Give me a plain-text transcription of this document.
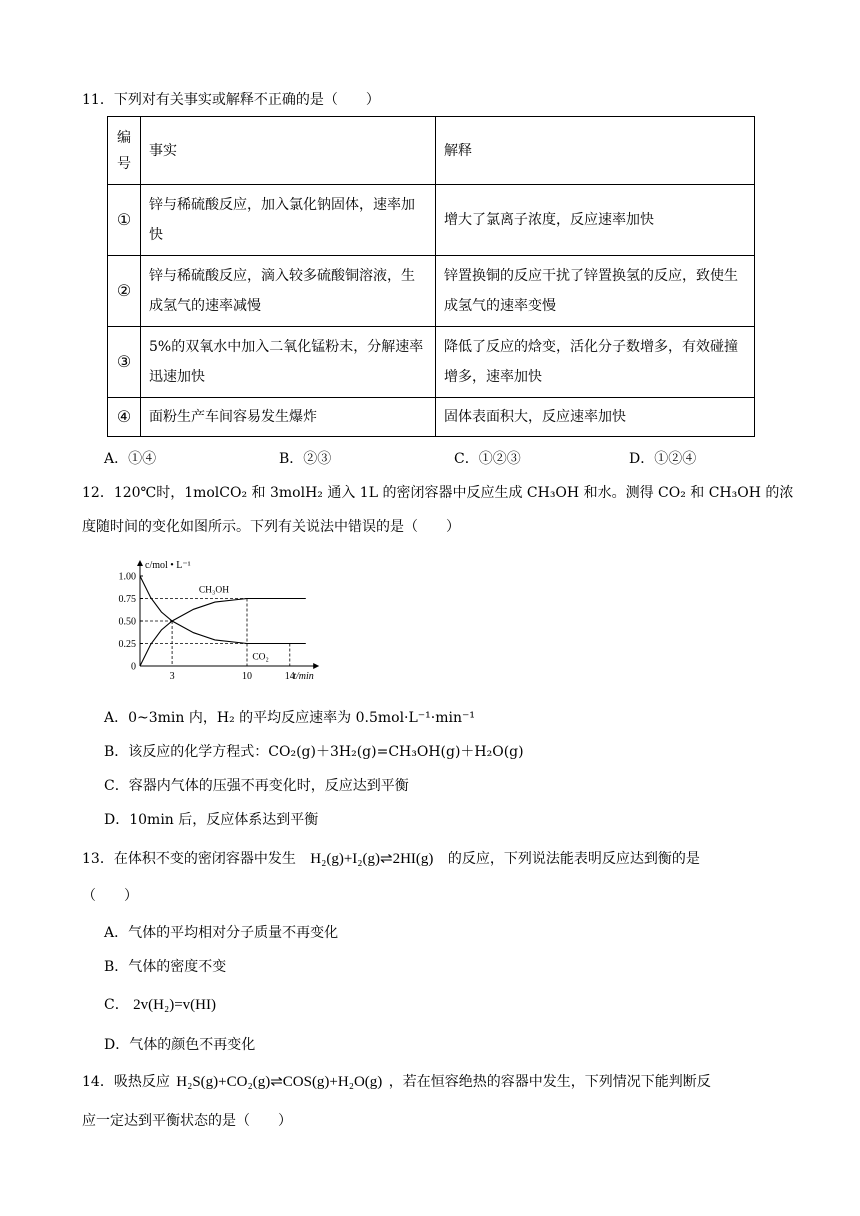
11．下列对有关事实或解释不正确的是（　　）
编
号	事实	解释
①	锌与稀硫酸反应，加入氯化钠固体，速率加快	增大了氯离子浓度，反应速率加快
②	锌与稀硫酸反应，滴入较多硫酸铜溶液，生成氢气的速率减慢	锌置换铜的反应干扰了锌置换氢的反应，致使生成氢气的速率变慢
③	5%的双氧水中加入二氧化锰粉末，分解速率迅速加快	降低了反应的焓变，活化分子数增多，有效碰撞增多，速率加快
④	面粉生产车间容易发生爆炸	固体表面积大，反应速率加快
A．①④	B．②③	C．①②③	D．①②④
12．120℃时，1molCO₂ 和 3molH₂ 通入 1L 的密闭容器中反应生成 CH₃OH 和水。测得 CO₂ 和 CH₃OH 的浓
度随时间的变化如图所示。下列有关说法中错误的是（　　）
1.00
0.75
0.50
0.25
0
3	10	14
CH₃OH
CO₂
c/mol • L⁻¹
t/min
A．0~3min 内，H₂ 的平均反应速率为 0.5mol·L⁻¹·min⁻¹
B．该反应的化学方程式：CO₂(g)＋3H₂(g)=CH₃OH(g)＋H₂O(g)
C．容器内气体的压强不再变化时，反应达到平衡
D．10min 后，反应体系达到平衡
13．在体积不变的密闭容器中发生 H₂(g)+I₂(g)⇌2HI(g) 的反应，下列说法能表明反应达到衡的是
（　　）
A．气体的平均相对分子质量不再变化
B．气体的密度不变
C． 2v(H₂)=v(HI)
D．气体的颜色不再变化
14．吸热反应 H₂S(g)+CO₂(g)⇌COS(g)+H₂O(g) ，若在恒容绝热的容器中发生，下列情况下能判断反
应一定达到平衡状态的是（　　）
